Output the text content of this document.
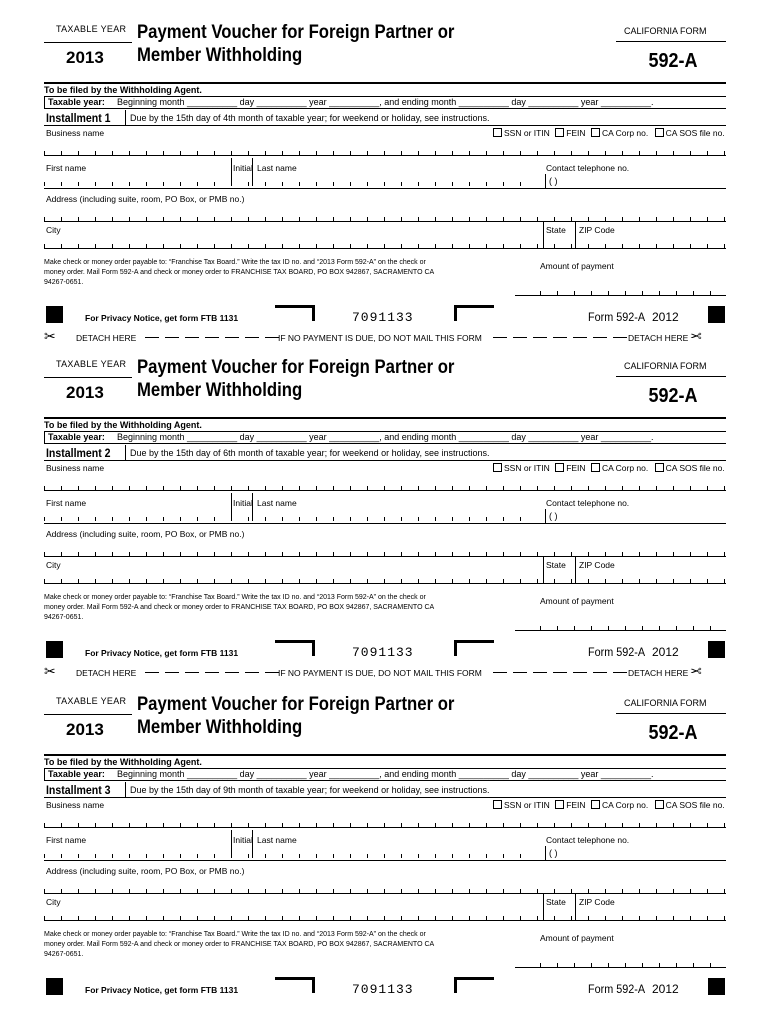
TAXABLE YEAR
2013
Payment Voucher for Foreign Partner or
Member Withholding
CALIFORNIA FORM
592-A
To be filed by the Withholding Agent.
Taxable year: Beginning month __________ day __________ year __________, and ending month __________ day __________ year __________.
Installment 1 Due by the 15th day of 4th month of taxable year; for weekend or holiday, see instructions.
Business name	SSN or ITIN FEIN CA Corp no. CA SOS file no.
First name	Initial Last name	Contact telephone no.
( )
Address (including suite, room, PO Box, or PMB no.)
City	State ZIP Code
Make check or money order payable to: “Franchise Tax Board.” Write the tax ID no. and “2013 Form 592-A” on the check or
money order. Mail Form 592-A and check or money order to FRANCHISE TAX BOARD, PO BOX 942867, SACRAMENTO CA
94267-0651.
Amount of payment
For Privacy Notice, get form FTB 1131	7091133	Form 592-A 2012
TAXABLE YEAR
2013
Payment Voucher for Foreign Partner or
Member Withholding
CALIFORNIA FORM
592-A
To be filed by the Withholding Agent.
Taxable year: Beginning month __________ day __________ year __________, and ending month __________ day __________ year __________.
Installment 2 Due by the 15th day of 6th month of taxable year; for weekend or holiday, see instructions.
Business name	SSN or ITIN FEIN CA Corp no. CA SOS file no.
First name	Initial Last name	Contact telephone no.
( )
Address (including suite, room, PO Box, or PMB no.)
City	State ZIP Code
Make check or money order payable to: “Franchise Tax Board.” Write the tax ID no. and “2013 Form 592-A” on the check or
money order. Mail Form 592-A and check or money order to FRANCHISE TAX BOARD, PO BOX 942867, SACRAMENTO CA
94267-0651.
Amount of payment
For Privacy Notice, get form FTB 1131	7091133	Form 592-A 2012
TAXABLE YEAR
2013
Payment Voucher for Foreign Partner or
Member Withholding
CALIFORNIA FORM
592-A
To be filed by the Withholding Agent.
Taxable year: Beginning month __________ day __________ year __________, and ending month __________ day __________ year __________.
Installment 3 Due by the 15th day of 9th month of taxable year; for weekend or holiday, see instructions.
Business name	SSN or ITIN FEIN CA Corp no. CA SOS file no.
First name	Initial Last name	Contact telephone no.
( )
Address (including suite, room, PO Box, or PMB no.)
City	State ZIP Code
Make check or money order payable to: “Franchise Tax Board.” Write the tax ID no. and “2013 Form 592-A” on the check or
money order. Mail Form 592-A and check or money order to FRANCHISE TAX BOARD, PO BOX 942867, SACRAMENTO CA
94267-0651.
Amount of payment
For Privacy Notice, get form FTB 1131	7091133	Form 592-A 2012
✂ DETACH HERE	IF NO PAYMENT IS DUE, DO NOT MAIL THIS FORM	DETACH HERE ✂
✂ DETACH HERE	IF NO PAYMENT IS DUE, DO NOT MAIL THIS FORM	DETACH HERE ✂
